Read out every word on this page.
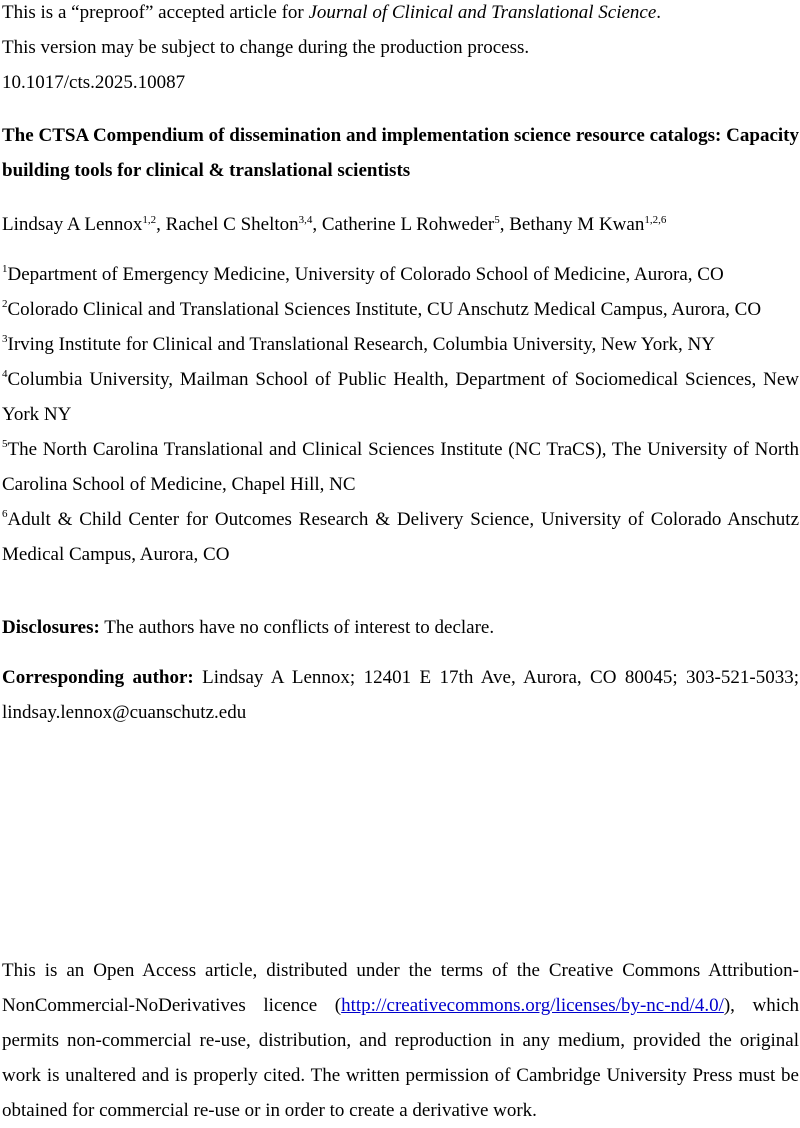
This is a “preproof” accepted article for Journal of Clinical and Translational Science.

This version may be subject to change during the production process.

10.1017/cts.2025.10087

The CTSA Compendium of dissemination and implementation science resource catalogs: Capacity building tools for clinical & translational scientists

Lindsay A Lennox$^{1,2}$, Rachel C Shelton$^{3,4}$, Catherine L Rohweder$^5$, Bethany M Kwan$^{1,2,6}$

$^1$Department of Emergency Medicine, University of Colorado School of Medicine, Aurora, CO

$^2$Colorado Clinical and Translational Sciences Institute, CU Anschutz Medical Campus, Aurora, CO

$^3$Irving Institute for Clinical and Translational Research, Columbia University, New York, NY

$^4$Columbia University, Mailman School of Public Health, Department of Sociomedical Sciences, New York NY

$^5$The North Carolina Translational and Clinical Sciences Institute (NC TraCS), The University of North Carolina School of Medicine, Chapel Hill, NC

$^6$Adult & Child Center for Outcomes Research & Delivery Science, University of Colorado Anschutz Medical Campus, Aurora, CO

Disclosures: The authors have no conflicts of interest to declare.

Corresponding author: Lindsay A Lennox; 12401 E 17th Ave, Aurora, CO 80045; 303-521-5033; lindsay.lennox@cuanschutz.edu

This is an Open Access article, distributed under the terms of the Creative Commons Attribution-NonCommercial-NoDerivatives licence (http://creativecommons.org/licenses/by-nc-nd/4.0/), which permits non-commercial re-use, distribution, and reproduction in any medium, provided the original work is unaltered and is properly cited. The written permission of Cambridge University Press must be obtained for commercial re-use or in order to create a derivative work.
